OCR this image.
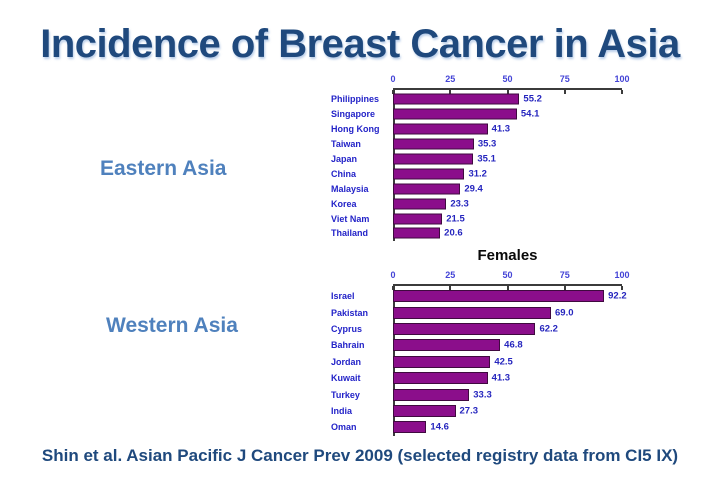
Incidence of Breast Cancer in Asia
Eastern Asia
Western Asia
0	25	50	75	100
Philippines	55.2
Singapore	54.1
Hong Kong	41.3
Taiwan	35.3
Japan	35.1
China	31.2
Malaysia	29.4
Korea	23.3
Viet Nam	21.5
Thailand	20.6
Females
0	25	50	75	100
Israel	92.2
Pakistan	69.0
Cyprus	62.2
Bahrain	46.8
Jordan	42.5
Kuwait	41.3
Turkey	33.3
India	27.3
Oman	14.6
Shin et al. Asian Pacific J Cancer Prev 2009 (selected registry data from CI5 IX)
